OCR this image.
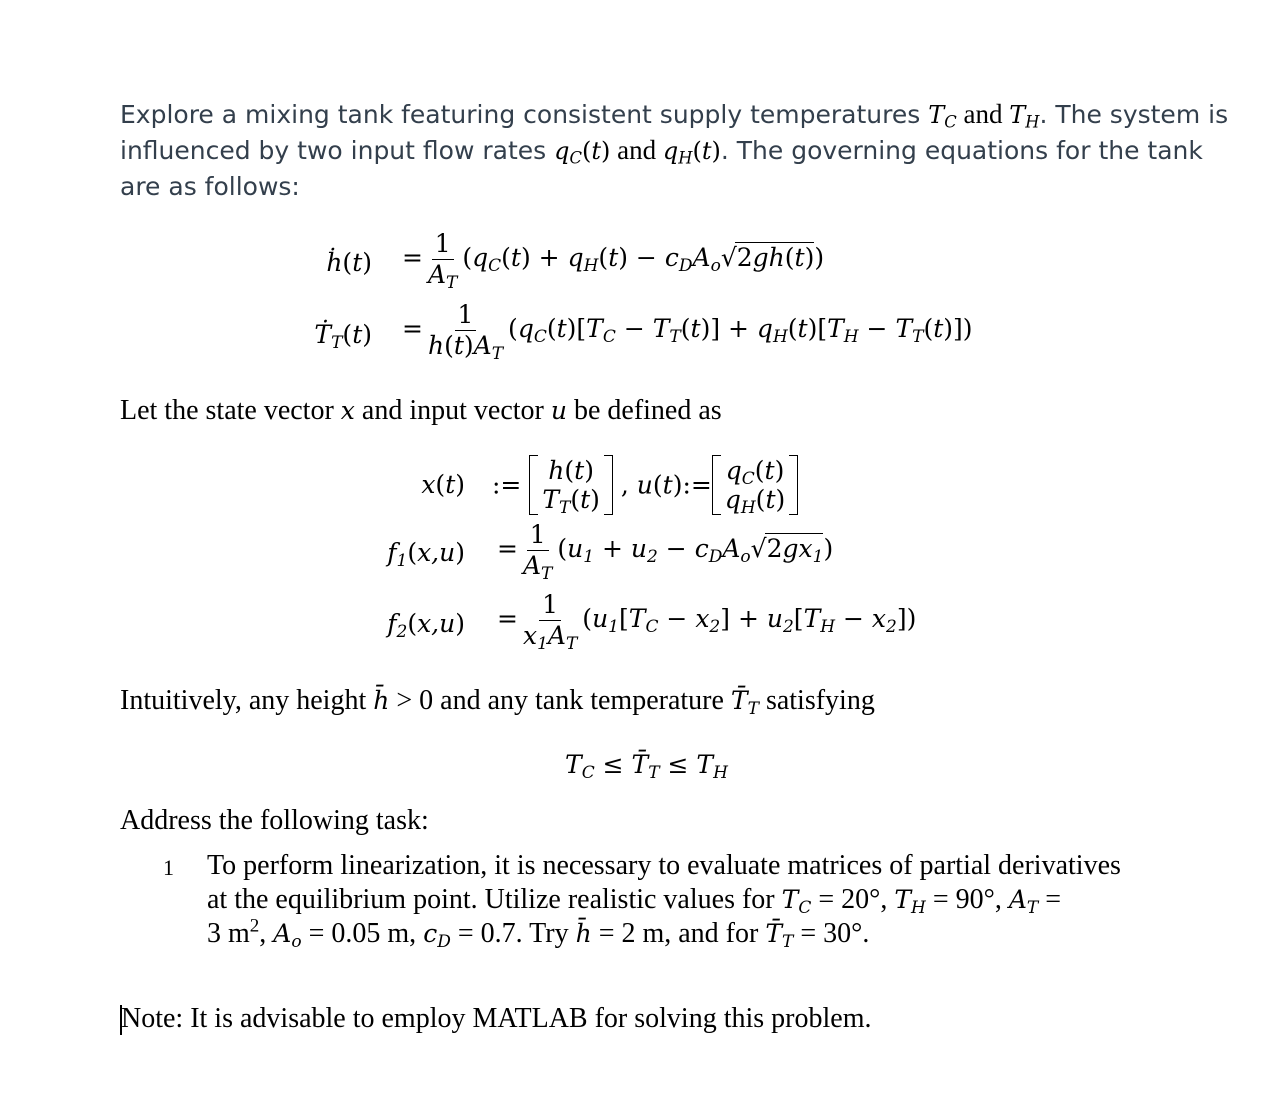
Explore a mixing tank featuring consistent supply temperatures $T_C$ and $T_H$. The system is
influenced by two input flow rates $q_C(t)$ and $q_H(t)$. The governing equations for the tank
are as follows:
ḣ(t) = $\frac{1}{A_T} (q_C(t) + q_H(t) - c_DA_o√2gh(t))$
Ṫ$_T$(t) = $\frac{1}{h(t)A_T} (q_C(t)[T_C - T_T(t)] + q_H(t)[T_H - T_T(t)])$
Let the state vector x and input vector u be defined as
x(t) := h(t)
$T_T(t)$ , u(t):= $q_C(t)$
$q_H(t)$
$f_1(x,u) = \frac{1}{A_T} (u_1 + u_2 - c_DA_o√2gx_1)$
$f_2(x,u) = \frac{1}{x_1A_T} (u_1[T_C - x_2] + u_2[T_H - x_2])$
Intuitively, any height h̄ > 0 and any tank temperature $T̄_T$ satisfying
$T_C$ ≤ $T̄_T \le T_H$
Address the following task:
1 To perform linearization, it is necessary to evaluate matrices of partial derivatives
at the equilibrium point. Utilize realistic values for $T_C = 20^\circ$, $T_H = 90^\circ$, $A_T$ =
3 $m^2$, $A_o = 0.05$ m, $c_D = 0.7$. Try h̄ = 2 m, and for $T̄_T = 30^\circ$.
Note: It is advisable to employ MATLAB for solving this problem.
